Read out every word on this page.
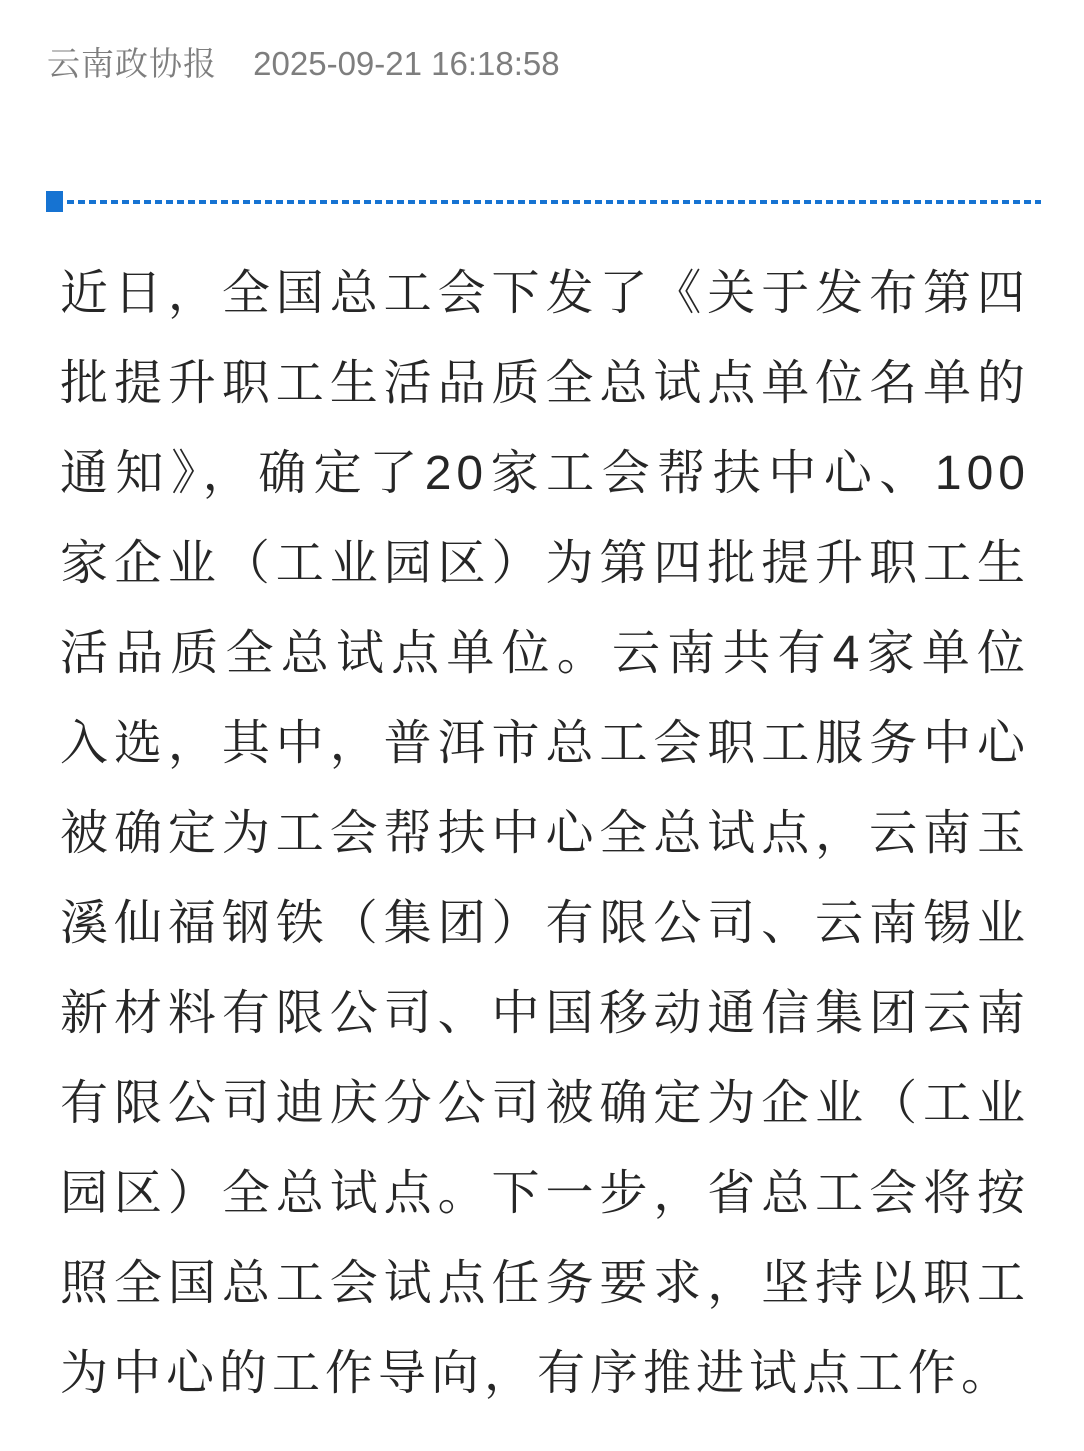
云南政协报 2025-09-21 16:18:58
近日，全国总工会下发了《关于发布第四批提升职工生活品质全总试点单位名单的通知》，确定了20家工会帮扶中心、100家企业（工业园区）为第四批提升职工生活品质全总试点单位。云南共有4家单位入选，其中，普洱市总工会职工服务中心被确定为工会帮扶中心全总试点，云南玉溪仙福钢铁（集团）有限公司、云南锡业新材料有限公司、中国移动通信集团云南有限公司迪庆分公司被确定为企业（工业园区）全总试点。下一步，省总工会将按照全国总工会试点任务要求，坚持以职工为中心的工作导向，有序推进试点工作。
